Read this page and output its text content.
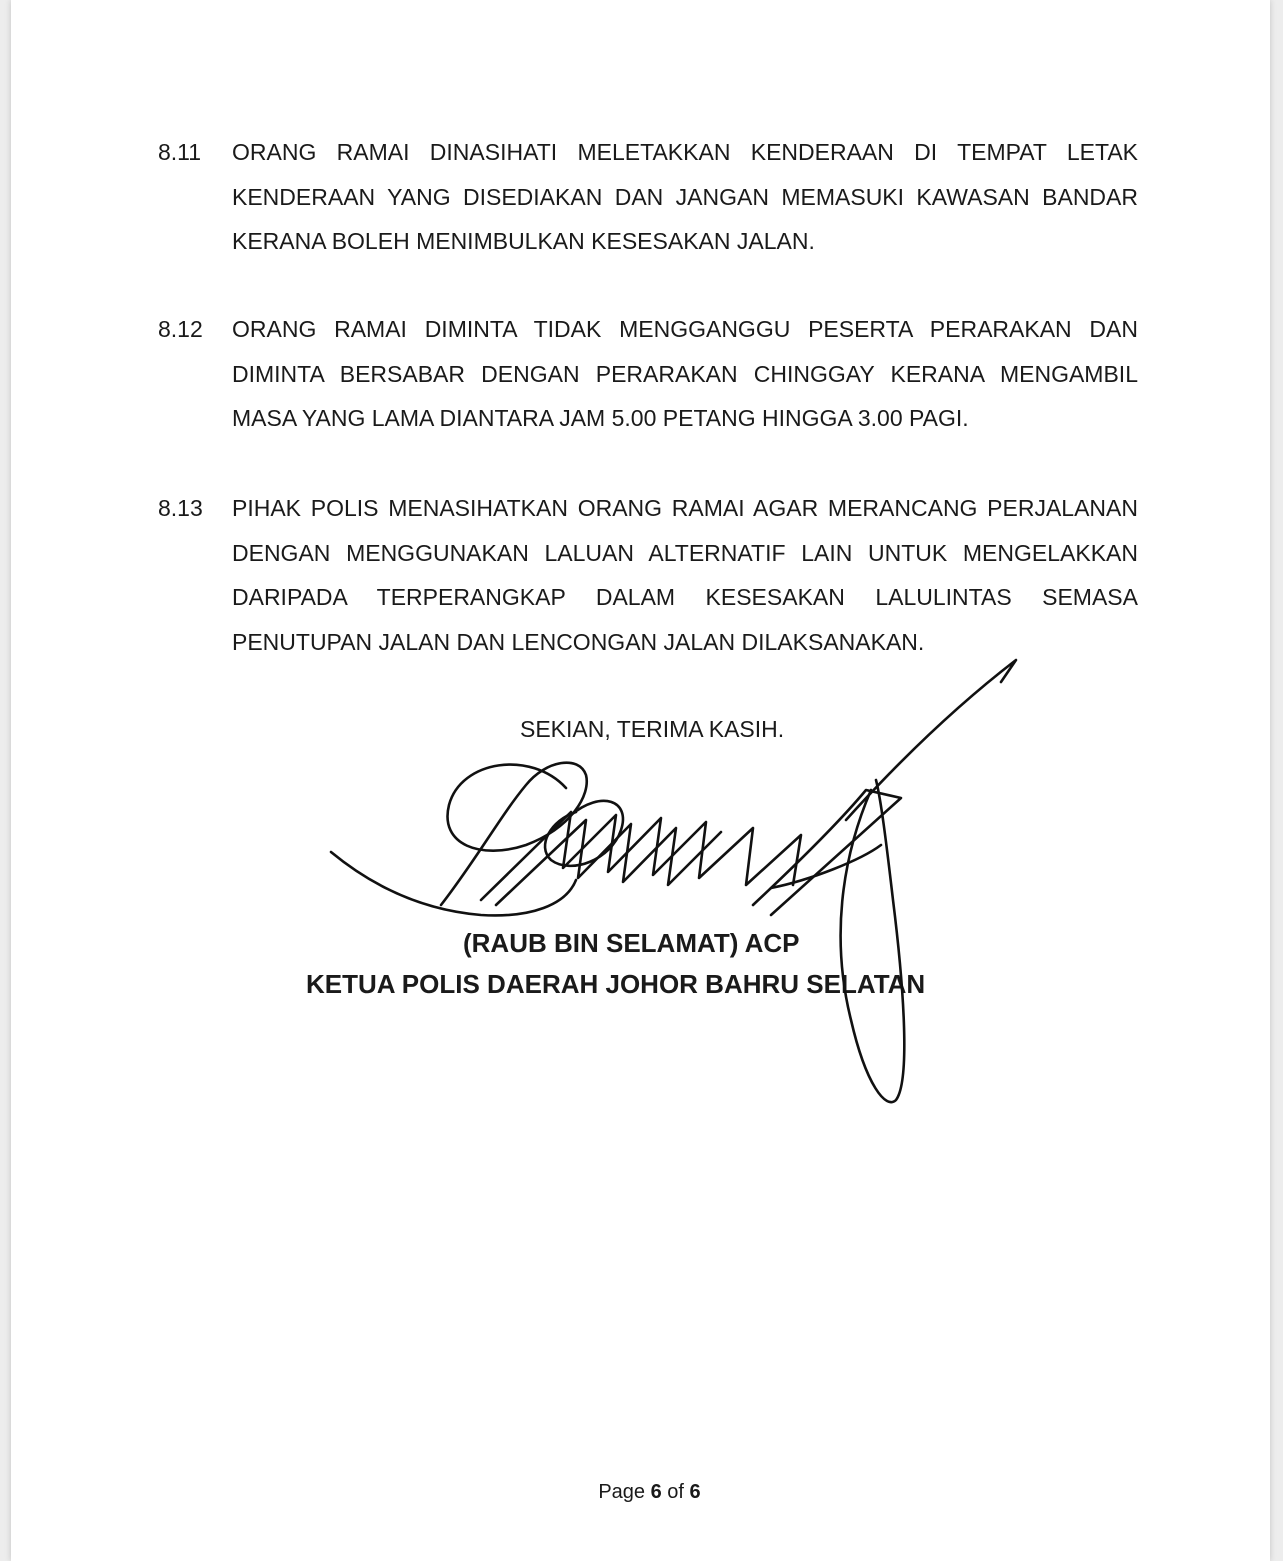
8.11	ORANG RAMAI DINASIHATI MELETAKKAN KENDERAAN DI TEMPAT LETAK KENDERAAN YANG DISEDIAKAN DAN JANGAN MEMASUKI KAWASAN BANDAR KERANA BOLEH MENIMBULKAN KESESAKAN JALAN.
8.12	ORANG RAMAI DIMINTA TIDAK MENGGANGGU PESERTA PERARAKAN DAN DIMINTA BERSABAR DENGAN PERARAKAN CHINGGAY KERANA MENGAMBIL MASA YANG LAMA DIANTARA JAM 5.00 PETANG HINGGA 3.00 PAGI.
8.13	PIHAK POLIS MENASIHATKAN ORANG RAMAI AGAR MERANCANG PERJALANAN DENGAN MENGGUNAKAN LALUAN ALTERNATIF LAIN UNTUK MENGELAKKAN DARIPADA TERPERANGKAP DALAM KESESAKAN LALULINTAS SEMASA PENUTUPAN JALAN DAN LENCONGAN JALAN DILAKSANAKAN.
SEKIAN, TERIMA KASIH.
(RAUB BIN SELAMAT) ACP
KETUA POLIS DAERAH JOHOR BAHRU SELATAN
Page 6 of 6
